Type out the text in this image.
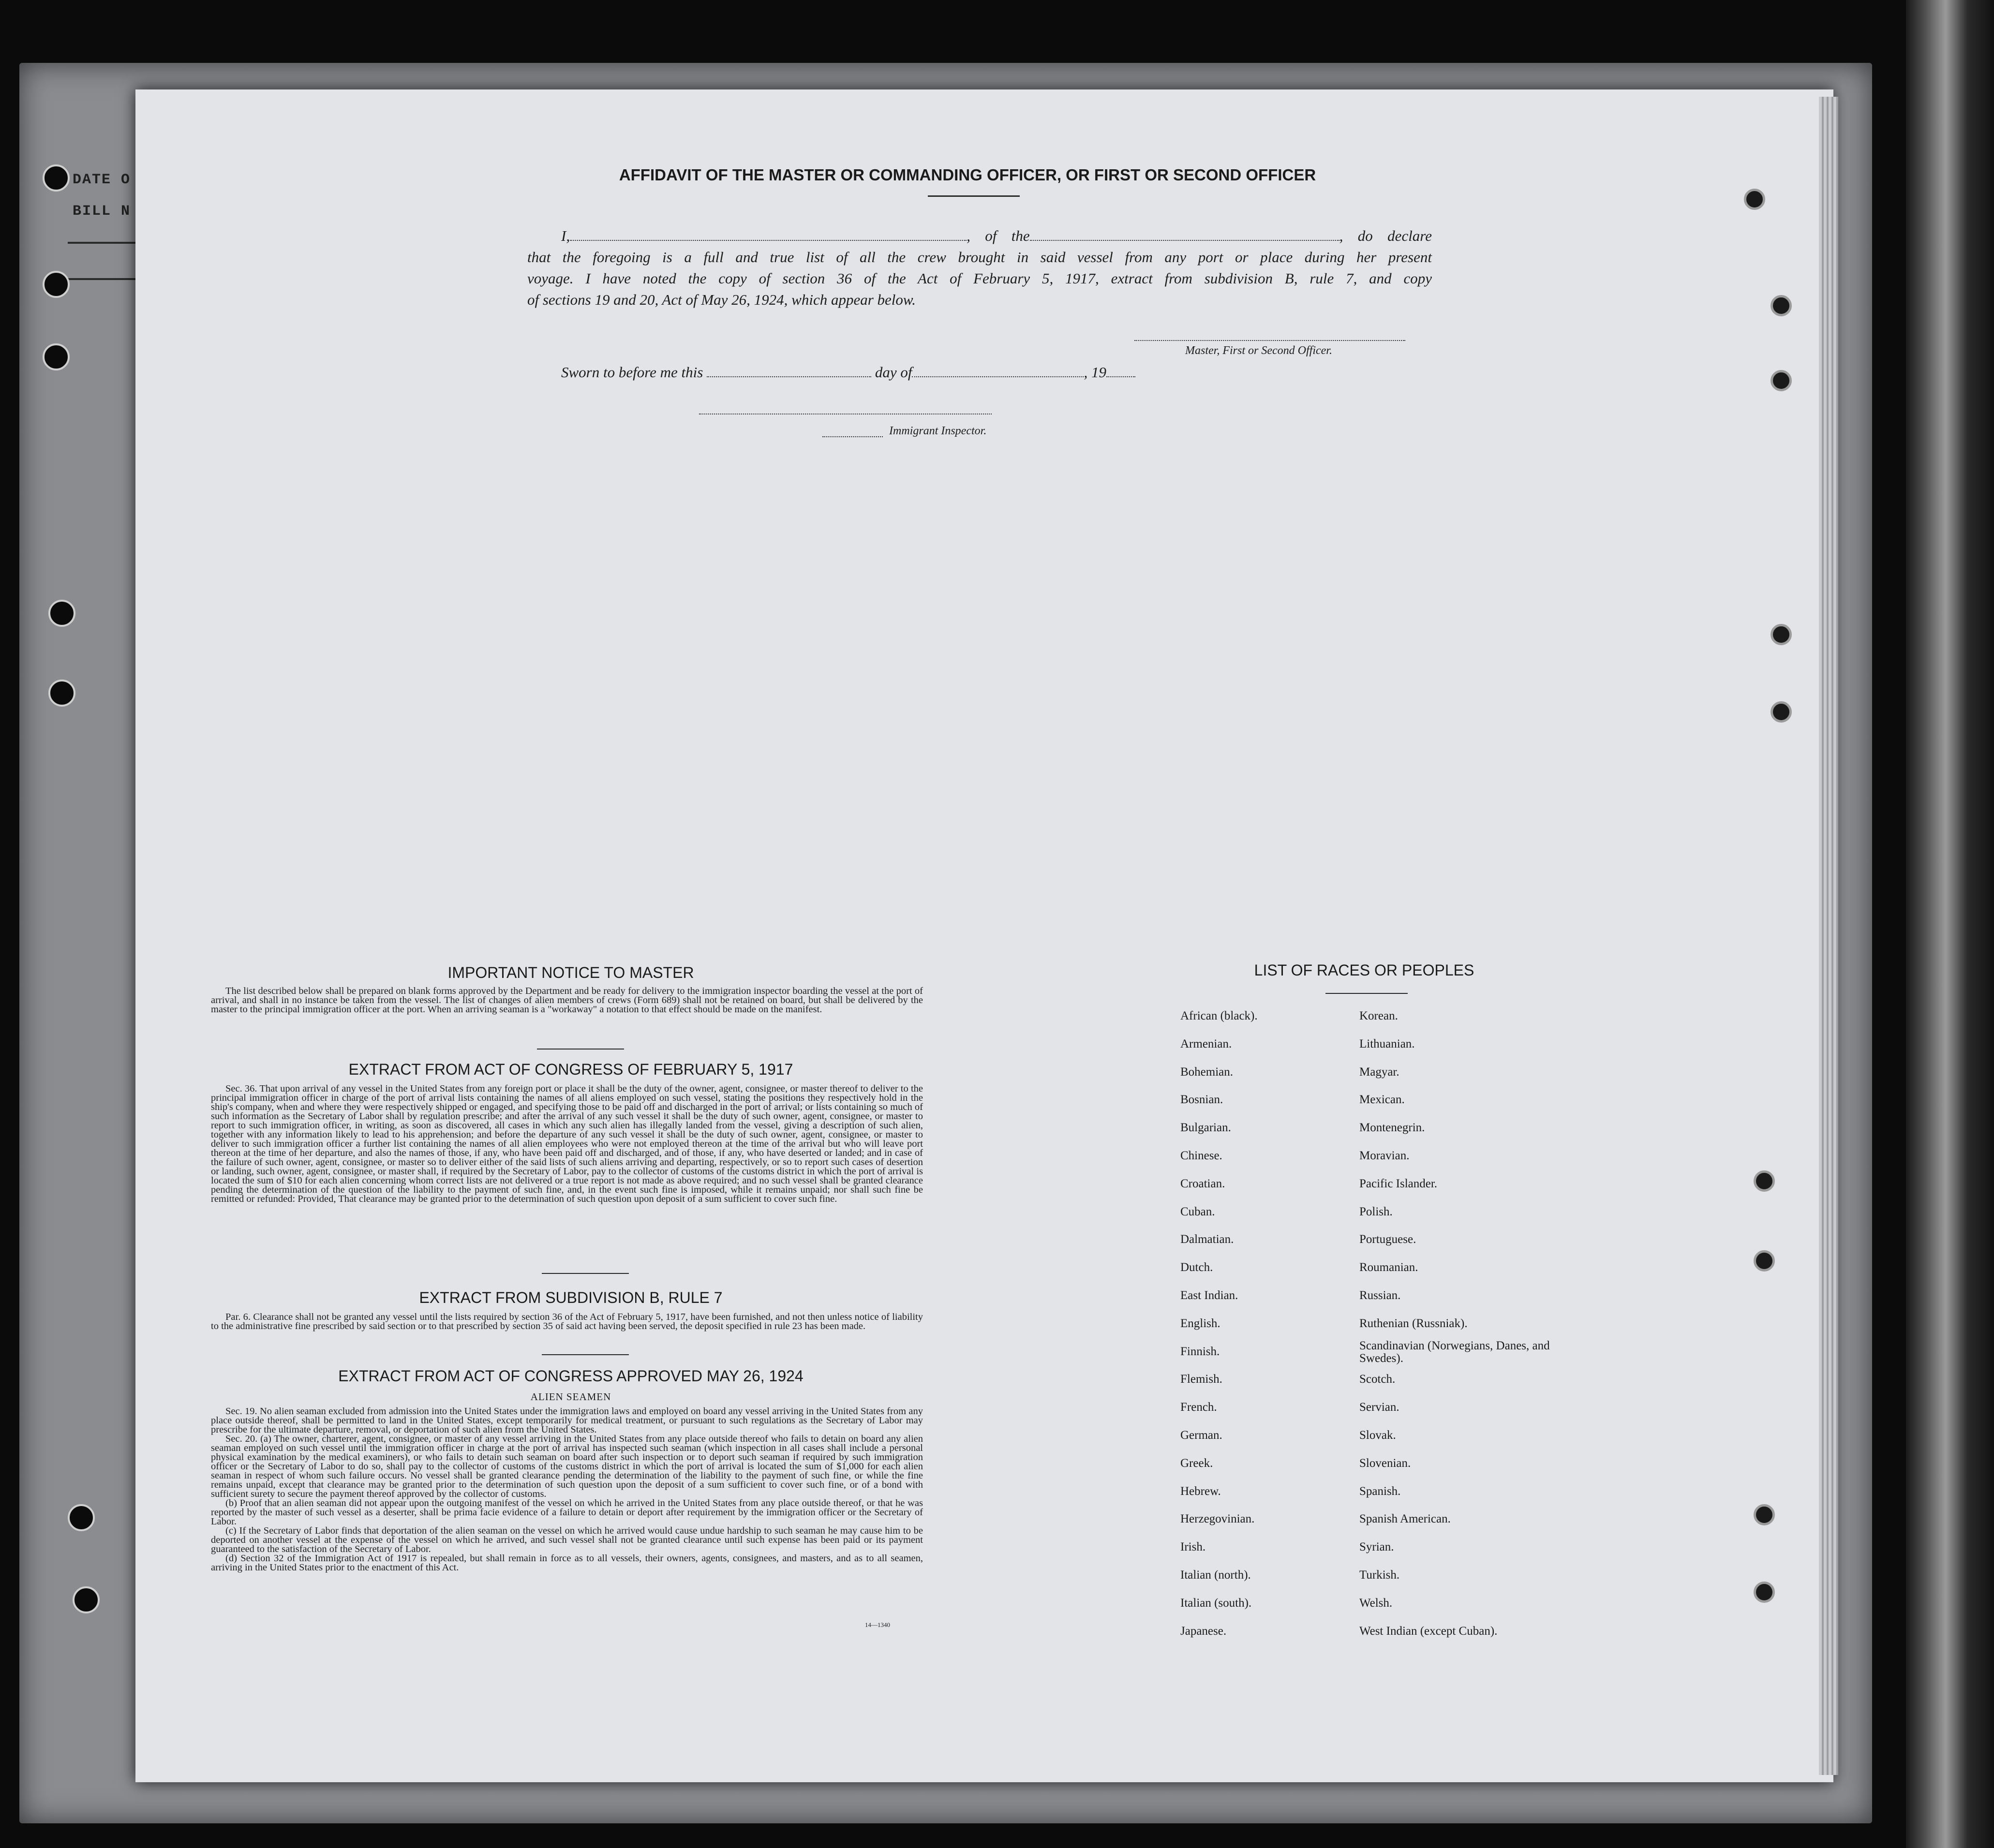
DATE O
BILL N
AFFIDAVIT OF THE MASTER OR COMMANDING OFFICER, OR FIRST OR SECOND OFFICER
I,	, of the	, do declare
that the foregoing is a full and true list of all the crew brought in said vessel from any port or place during her present
voyage. I have noted the copy of section 36 of the Act of February 5, 1917, extract from subdivision B, rule 7, and copy
of sections 19 and 20, Act of May 26, 1924, which appear below.
Master, First or Second Officer.
Sworn to before me this	day of	, 19
Immigrant Inspector.
IMPORTANT NOTICE TO MASTER
The list described below shall be prepared on blank forms approved by the Department and be ready for delivery to the immigration inspector boarding the vessel at the port of arrival, and shall in no instance be taken from the vessel. The list of changes of alien members of crews (Form 689) shall not be retained on board, but shall be delivered by the master to the principal immigration officer at the port. When an arriving seaman is a "workaway" a notation to that effect should be made on the manifest.
EXTRACT FROM ACT OF CONGRESS OF FEBRUARY 5, 1917
Sec. 36. That upon arrival of any vessel in the United States from any foreign port or place it shall be the duty of the owner, agent, consignee, or master thereof to deliver to the principal immigration officer in charge of the port of arrival lists containing the names of all aliens employed on such vessel, stating the positions they respectively hold in the ship's company, when and where they were respectively shipped or engaged, and specifying those to be paid off and discharged in the port of arrival; or lists containing so much of such information as the Secretary of Labor shall by regulation prescribe; and after the arrival of any such vessel it shall be the duty of such owner, agent, consignee, or master to report to such immigration officer, in writing, as soon as discovered, all cases in which any such alien has illegally landed from the vessel, giving a description of such alien, together with any information likely to lead to his apprehension; and before the departure of any such vessel it shall be the duty of such owner, agent, consignee, or master to deliver to such immigration officer a further list containing the names of all alien employees who were not employed thereon at the time of the arrival but who will leave port thereon at the time of her departure, and also the names of those, if any, who have been paid off and discharged, and of those, if any, who have deserted or landed; and in case of the failure of such owner, agent, consignee, or master so to deliver either of the said lists of such aliens arriving and departing, respectively, or so to report such cases of desertion or landing, such owner, agent, consignee, or master shall, if required by the Secretary of Labor, pay to the collector of customs of the customs district in which the port of arrival is located the sum of $10 for each alien concerning whom correct lists are not delivered or a true report is not made as above required; and no such vessel shall be granted clearance pending the determination of the question of the liability to the payment of such fine, and, in the event such fine is imposed, while it remains unpaid; nor shall such fine be remitted or refunded: Provided, That clearance may be granted prior to the determination of such question upon deposit of a sum sufficient to cover such fine.
EXTRACT FROM SUBDIVISION B, RULE 7
Par. 6. Clearance shall not be granted any vessel until the lists required by section 36 of the Act of February 5, 1917, have been furnished, and not then unless notice of liability to the administrative fine prescribed by said section or to that prescribed by section 35 of said act having been served, the deposit specified in rule 23 has been made.
EXTRACT FROM ACT OF CONGRESS APPROVED MAY 26, 1924
ALIEN SEAMEN

Sec. 19. No alien seaman excluded from admission into the United States under the immigration laws and employed on board any vessel arriving in the United States from any place outside thereof, shall be permitted to land in the United States, except temporarily for medical treatment, or pursuant to such regulations as the Secretary of Labor may prescribe for the ultimate departure, removal, or deportation of such alien from the United States.

Sec. 20. (a) The owner, charterer, agent, consignee, or master of any vessel arriving in the United States from any place outside thereof who fails to detain on board any alien seaman employed on such vessel until the immigration officer in charge at the port of arrival has inspected such seaman (which inspection in all cases shall include a personal physical examination by the medical examiners), or who fails to detain such seaman on board after such inspection or to deport such seaman if required by such immigration officer or the Secretary of Labor to do so, shall pay to the collector of customs of the customs district in which the port of arrival is located the sum of $1,000 for each alien seaman in respect of whom such failure occurs. No vessel shall be granted clearance pending the determination of the liability to the payment of such fine, or while the fine remains unpaid, except that clearance may be granted prior to the determination of such question upon the deposit of a sum sufficient to cover such fine, or of a bond with sufficient surety to secure the payment thereof approved by the collector of customs.

(b) Proof that an alien seaman did not appear upon the outgoing manifest of the vessel on which he arrived in the United States from any place outside thereof, or that he was reported by the master of such vessel as a deserter, shall be prima facie evidence of a failure to detain or deport after requirement by the immigration officer or the Secretary of Labor.

(c) If the Secretary of Labor finds that deportation of the alien seaman on the vessel on which he arrived would cause undue hardship to such seaman he may cause him to be deported on another vessel at the expense of the vessel on which he arrived, and such vessel shall not be granted clearance until such expense has been paid or its payment guaranteed to the satisfaction of the Secretary of Labor.

(d) Section 32 of the Immigration Act of 1917 is repealed, but shall remain in force as to all vessels, their owners, agents, consignees, and masters, and as to all seamen, arriving in the United States prior to the enactment of this Act.

14—1340
LIST OF RACES OR PEOPLES
African (black).	Korean.
Armenian.	Lithuanian.
Bohemian.	Magyar.
Bosnian.	Mexican.
Bulgarian.	Montenegrin.
Chinese.	Moravian.
Croatian.	Pacific Islander.
Cuban.	Polish.
Dalmatian.	Portuguese.
Dutch.	Roumanian.
East Indian.	Russian.
English.	Ruthenian (Russniak).
Finnish.	Scandinavian (Norwegians, Danes, and Swedes).
Flemish.	Scotch.
French.	Servian.
German.	Slovak.
Greek.	Slovenian.
Hebrew.	Spanish.
Herzegovinian.	Spanish American.
Irish.	Syrian.
Italian (north).	Turkish.
Italian (south).	Welsh.
Japanese.	West Indian (except Cuban).
